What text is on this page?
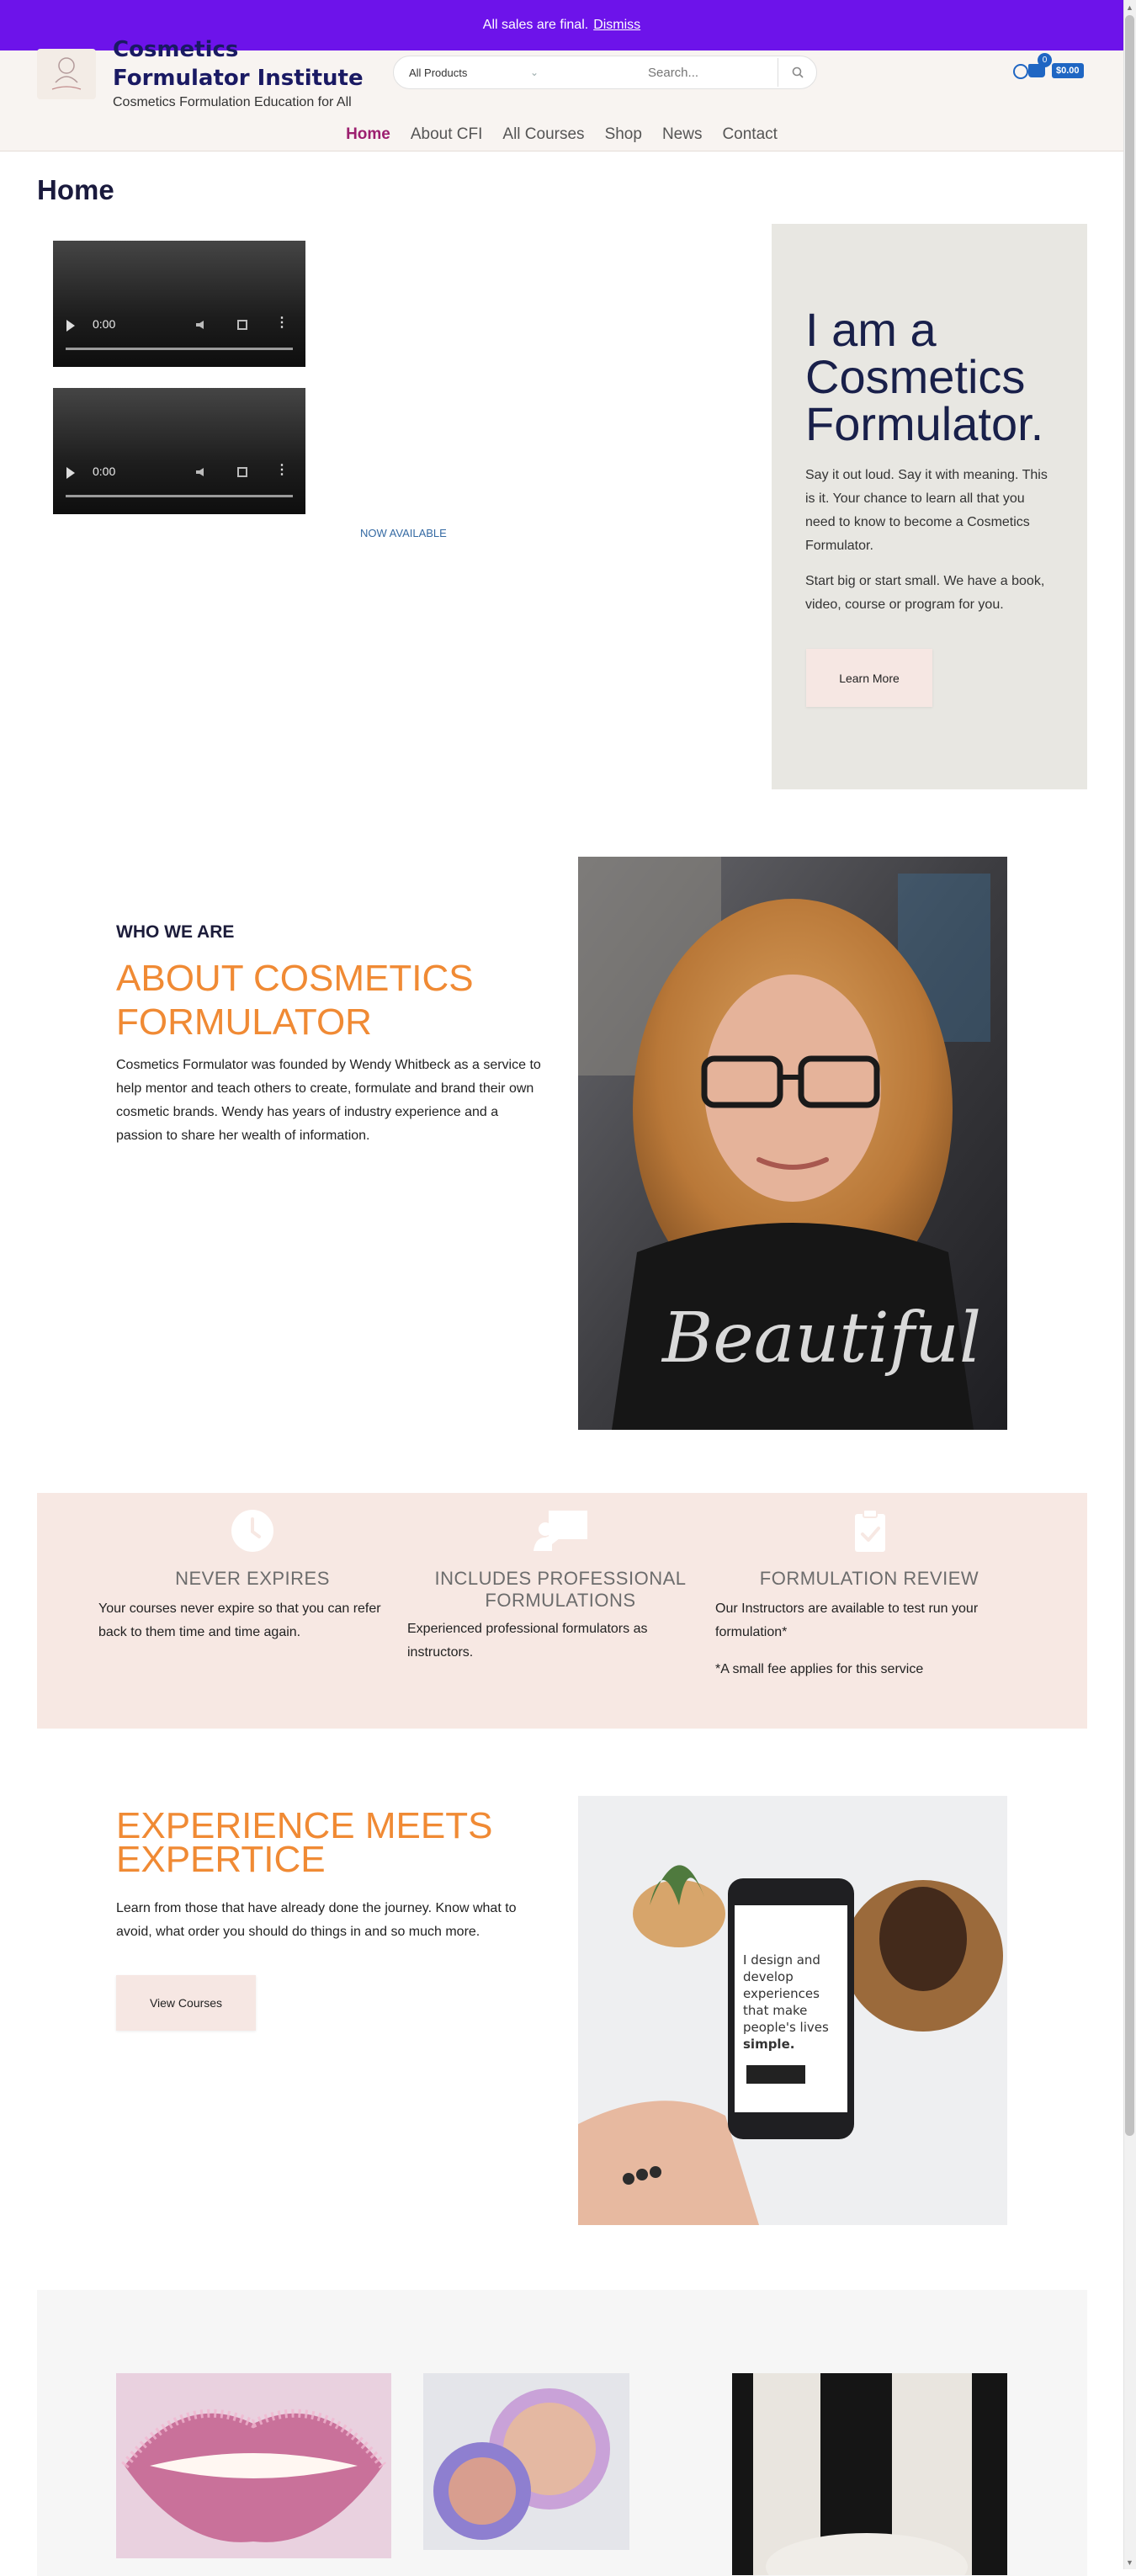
All sales are final. Dismiss
Cosmetics Formulator Institute
Cosmetics Formulation Education for All
All Products	⌄
Search...
0
$0.00
Home About CFI All Courses Shop News Contact
Home
0:00	⋮
0:00	⋮
NOW AVAILABLE
I am a Cosmetics Formulator.
Say it out loud. Say it with meaning. This is it. Your chance to learn all that you need to know to become a Cosmetics Formulator.
Start big or start small. We have a book, video, course or program for you.
Learn More
WHO WE ARE
ABOUT COSMETICS FORMULATOR
Cosmetics Formulator was founded by Wendy Whitbeck as a service to help mentor and teach others to create, formulate and brand their own cosmetic brands. Wendy has years of industry experience and a passion to share her wealth of information.
Beautiful
NEVER EXPIRES
Your courses never expire so that you can refer back to them time and time again.
INCLUDES PROFESSIONAL FORMULATIONS
Experienced professional formulators as instructors.
FORMULATION REVIEW
Our Instructors are available to test run your formulation*
*A small fee applies for this service
EXPERIENCE MEETS EXPERTICE
Learn from those that have already done the journey. Know what to avoid, what order you should do things in and so much more.
View Courses
I design and develop experiences that make people's lives simple.
▲
▼
